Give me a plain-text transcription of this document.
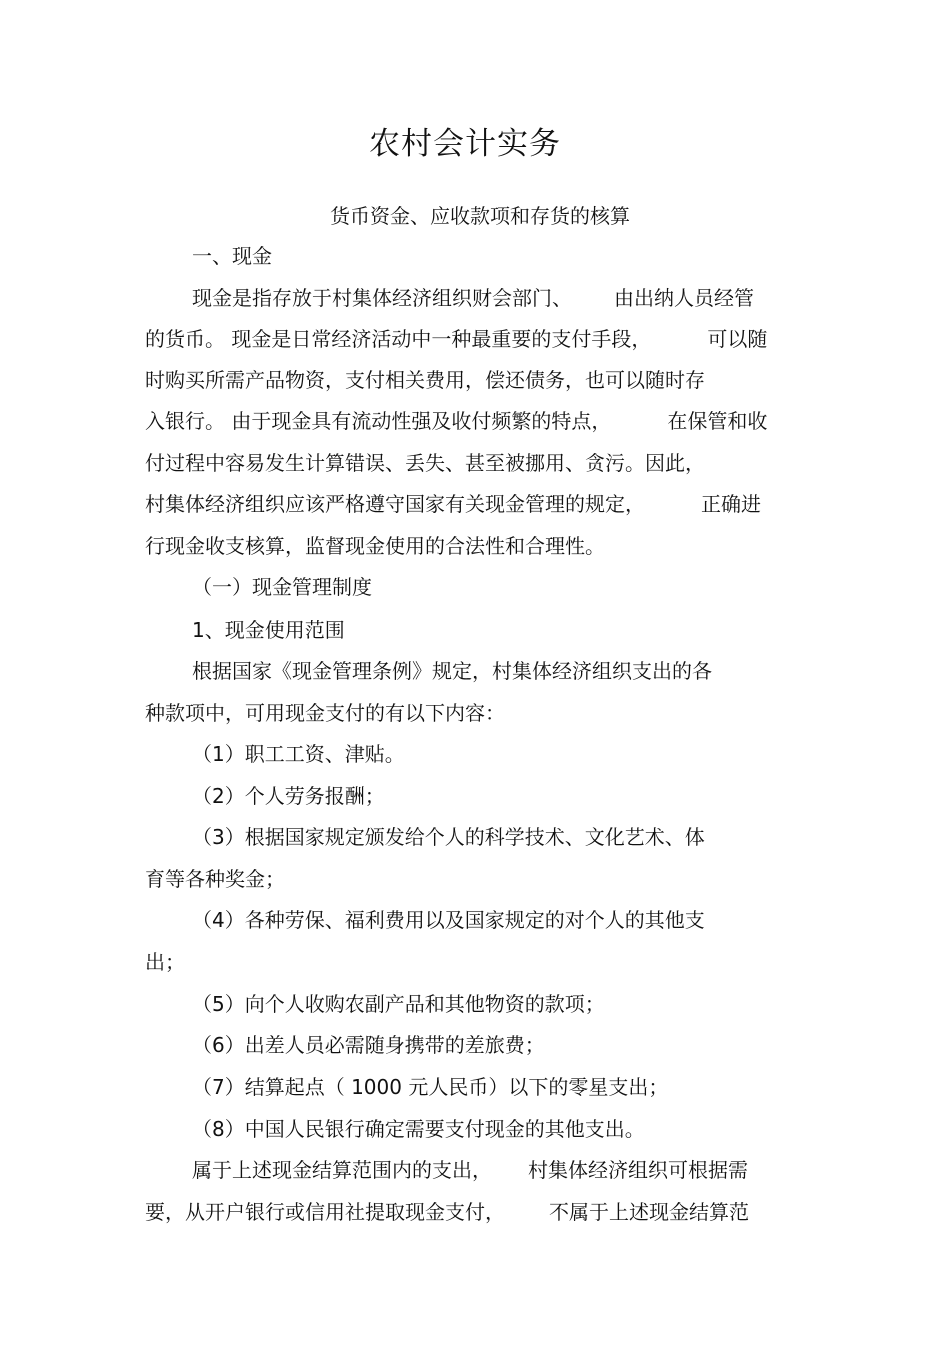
农村会计实务
货币资金、应收款项和存货的核算
一、现金
现金是指存放于村集体经济组织财会部门、 由出纳人员经管
的货币。 现金是日常经济活动中一种最重要的支付手段，	可以随
时购买所需产品物资，支付相关费用，偿还债务，也可以随时存
入银行。 由于现金具有流动性强及收付频繁的特点，	在保管和收
付过程中容易发生计算错误、丢失、甚至被挪用、贪污。因此，
村集体经济组织应该严格遵守国家有关现金管理的规定，	正确进
行现金收支核算，监督现金使用的合法性和合理性。
（一）现金管理制度
1、现金使用范围
根据国家《现金管理条例》规定，村集体经济组织支出的各
种款项中，可用现金支付的有以下内容：
（1）职工工资、津贴。
（2）个人劳务报酬；
（3）根据国家规定颁发给个人的科学技术、文化艺术、体
育等各种奖金；
（4）各种劳保、福利费用以及国家规定的对个人的其他支
出；
（5）向个人收购农副产品和其他物资的款项；
（6）出差人员必需随身携带的差旅费；
（7）结算起点（ 1000 元人民币）以下的零星支出；
（8）中国人民银行确定需要支付现金的其他支出。
属于上述现金结算范围内的支出， 村集体经济组织可根据需
要，从开户银行或信用社提取现金支付， 不属于上述现金结算范
